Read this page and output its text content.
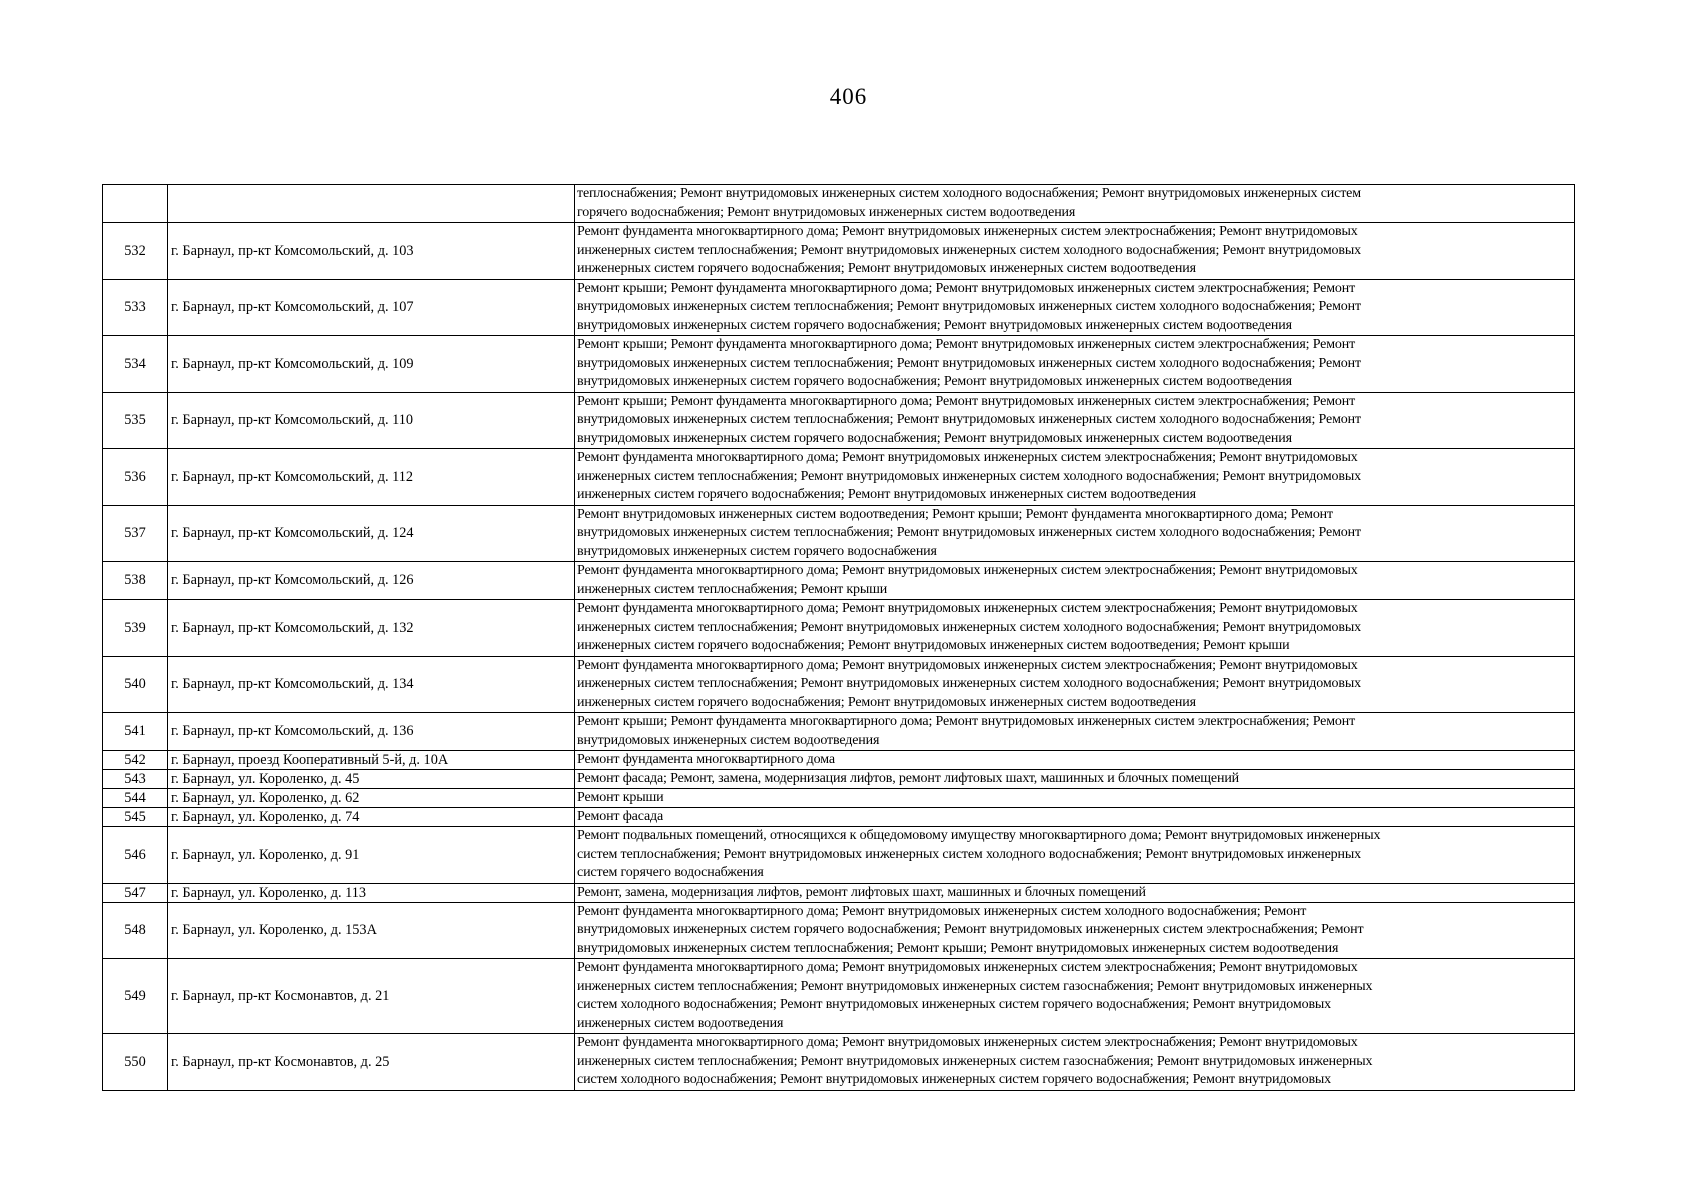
406

		теплоснабжения; Ремонт внутридомовых инженерных систем холодного водоснабжения; Ремонт внутридомовых инженерных систем
горячего водоснабжения; Ремонт внутридомовых инженерных систем водоотведения

532	г. Барнаул, пр-кт Комсомольский, д. 103	Ремонт фундамента многоквартирного дома; Ремонт внутридомовых инженерных систем электроснабжения; Ремонт внутридомовых
инженерных систем теплоснабжения; Ремонт внутридомовых инженерных систем холодного водоснабжения; Ремонт внутридомовых
инженерных систем горячего водоснабжения; Ремонт внутридомовых инженерных систем водоотведения

533	г. Барнаул, пр-кт Комсомольский, д. 107	Ремонт крыши; Ремонт фундамента многоквартирного дома; Ремонт внутридомовых инженерных систем электроснабжения; Ремонт
внутридомовых инженерных систем теплоснабжения; Ремонт внутридомовых инженерных систем холодного водоснабжения; Ремонт
внутридомовых инженерных систем горячего водоснабжения; Ремонт внутридомовых инженерных систем водоотведения

534	г. Барнаул, пр-кт Комсомольский, д. 109	Ремонт крыши; Ремонт фундамента многоквартирного дома; Ремонт внутридомовых инженерных систем электроснабжения; Ремонт
внутридомовых инженерных систем теплоснабжения; Ремонт внутридомовых инженерных систем холодного водоснабжения; Ремонт
внутридомовых инженерных систем горячего водоснабжения; Ремонт внутридомовых инженерных систем водоотведения

535	г. Барнаул, пр-кт Комсомольский, д. 110	Ремонт крыши; Ремонт фундамента многоквартирного дома; Ремонт внутридомовых инженерных систем электроснабжения; Ремонт
внутридомовых инженерных систем теплоснабжения; Ремонт внутридомовых инженерных систем холодного водоснабжения; Ремонт
внутридомовых инженерных систем горячего водоснабжения; Ремонт внутридомовых инженерных систем водоотведения

536	г. Барнаул, пр-кт Комсомольский, д. 112	Ремонт фундамента многоквартирного дома; Ремонт внутридомовых инженерных систем электроснабжения; Ремонт внутридомовых
инженерных систем теплоснабжения; Ремонт внутридомовых инженерных систем холодного водоснабжения; Ремонт внутридомовых
инженерных систем горячего водоснабжения; Ремонт внутридомовых инженерных систем водоотведения

537	г. Барнаул, пр-кт Комсомольский, д. 124	Ремонт внутридомовых инженерных систем водоотведения; Ремонт крыши; Ремонт фундамента многоквартирного дома; Ремонт
внутридомовых инженерных систем теплоснабжения; Ремонт внутридомовых инженерных систем холодного водоснабжения; Ремонт
внутридомовых инженерных систем горячего водоснабжения

538	г. Барнаул, пр-кт Комсомольский, д. 126	Ремонт фундамента многоквартирного дома; Ремонт внутридомовых инженерных систем электроснабжения; Ремонт внутридомовых
инженерных систем теплоснабжения; Ремонт крыши

539	г. Барнаул, пр-кт Комсомольский, д. 132	Ремонт фундамента многоквартирного дома; Ремонт внутридомовых инженерных систем электроснабжения; Ремонт внутридомовых
инженерных систем теплоснабжения; Ремонт внутридомовых инженерных систем холодного водоснабжения; Ремонт внутридомовых
инженерных систем горячего водоснабжения; Ремонт внутридомовых инженерных систем водоотведения; Ремонт крыши

540	г. Барнаул, пр-кт Комсомольский, д. 134	Ремонт фундамента многоквартирного дома; Ремонт внутридомовых инженерных систем электроснабжения; Ремонт внутридомовых
инженерных систем теплоснабжения; Ремонт внутридомовых инженерных систем холодного водоснабжения; Ремонт внутридомовых
инженерных систем горячего водоснабжения; Ремонт внутридомовых инженерных систем водоотведения

541	г. Барнаул, пр-кт Комсомольский, д. 136	Ремонт крыши; Ремонт фундамента многоквартирного дома; Ремонт внутридомовых инженерных систем электроснабжения; Ремонт
внутридомовых инженерных систем водоотведения

542	г. Барнаул, проезд Кооперативный 5-й, д. 10А	Ремонт фундамента многоквартирного дома

543	г. Барнаул, ул. Короленко, д. 45	Ремонт фасада; Ремонт, замена, модернизация лифтов, ремонт лифтовых шахт, машинных и блочных помещений

544	г. Барнаул, ул. Короленко, д. 62	Ремонт крыши

545	г. Барнаул, ул. Короленко, д. 74	Ремонт фасада

546	г. Барнаул, ул. Короленко, д. 91	Ремонт подвальных помещений, относящихся к общедомовому имуществу многоквартирного дома; Ремонт внутридомовых инженерных
систем теплоснабжения; Ремонт внутридомовых инженерных систем холодного водоснабжения; Ремонт внутридомовых инженерных
систем горячего водоснабжения

547	г. Барнаул, ул. Короленко, д. 113	Ремонт, замена, модернизация лифтов, ремонт лифтовых шахт, машинных и блочных помещений

548	г. Барнаул, ул. Короленко, д. 153А	Ремонт фундамента многоквартирного дома; Ремонт внутридомовых инженерных систем холодного водоснабжения; Ремонт
внутридомовых инженерных систем горячего водоснабжения; Ремонт внутридомовых инженерных систем электроснабжения; Ремонт
внутридомовых инженерных систем теплоснабжения; Ремонт крыши; Ремонт внутридомовых инженерных систем водоотведения

549	г. Барнаул, пр-кт Космонавтов, д. 21	Ремонт фундамента многоквартирного дома; Ремонт внутридомовых инженерных систем электроснабжения; Ремонт внутридомовых
инженерных систем теплоснабжения; Ремонт внутридомовых инженерных систем газоснабжения; Ремонт внутридомовых инженерных
систем холодного водоснабжения; Ремонт внутридомовых инженерных систем горячего водоснабжения; Ремонт внутридомовых
инженерных систем водоотведения

550	г. Барнаул, пр-кт Космонавтов, д. 25	Ремонт фундамента многоквартирного дома; Ремонт внутридомовых инженерных систем электроснабжения; Ремонт внутридомовых
инженерных систем теплоснабжения; Ремонт внутридомовых инженерных систем газоснабжения; Ремонт внутридомовых инженерных
систем холодного водоснабжения; Ремонт внутридомовых инженерных систем горячего водоснабжения; Ремонт внутридомовых
